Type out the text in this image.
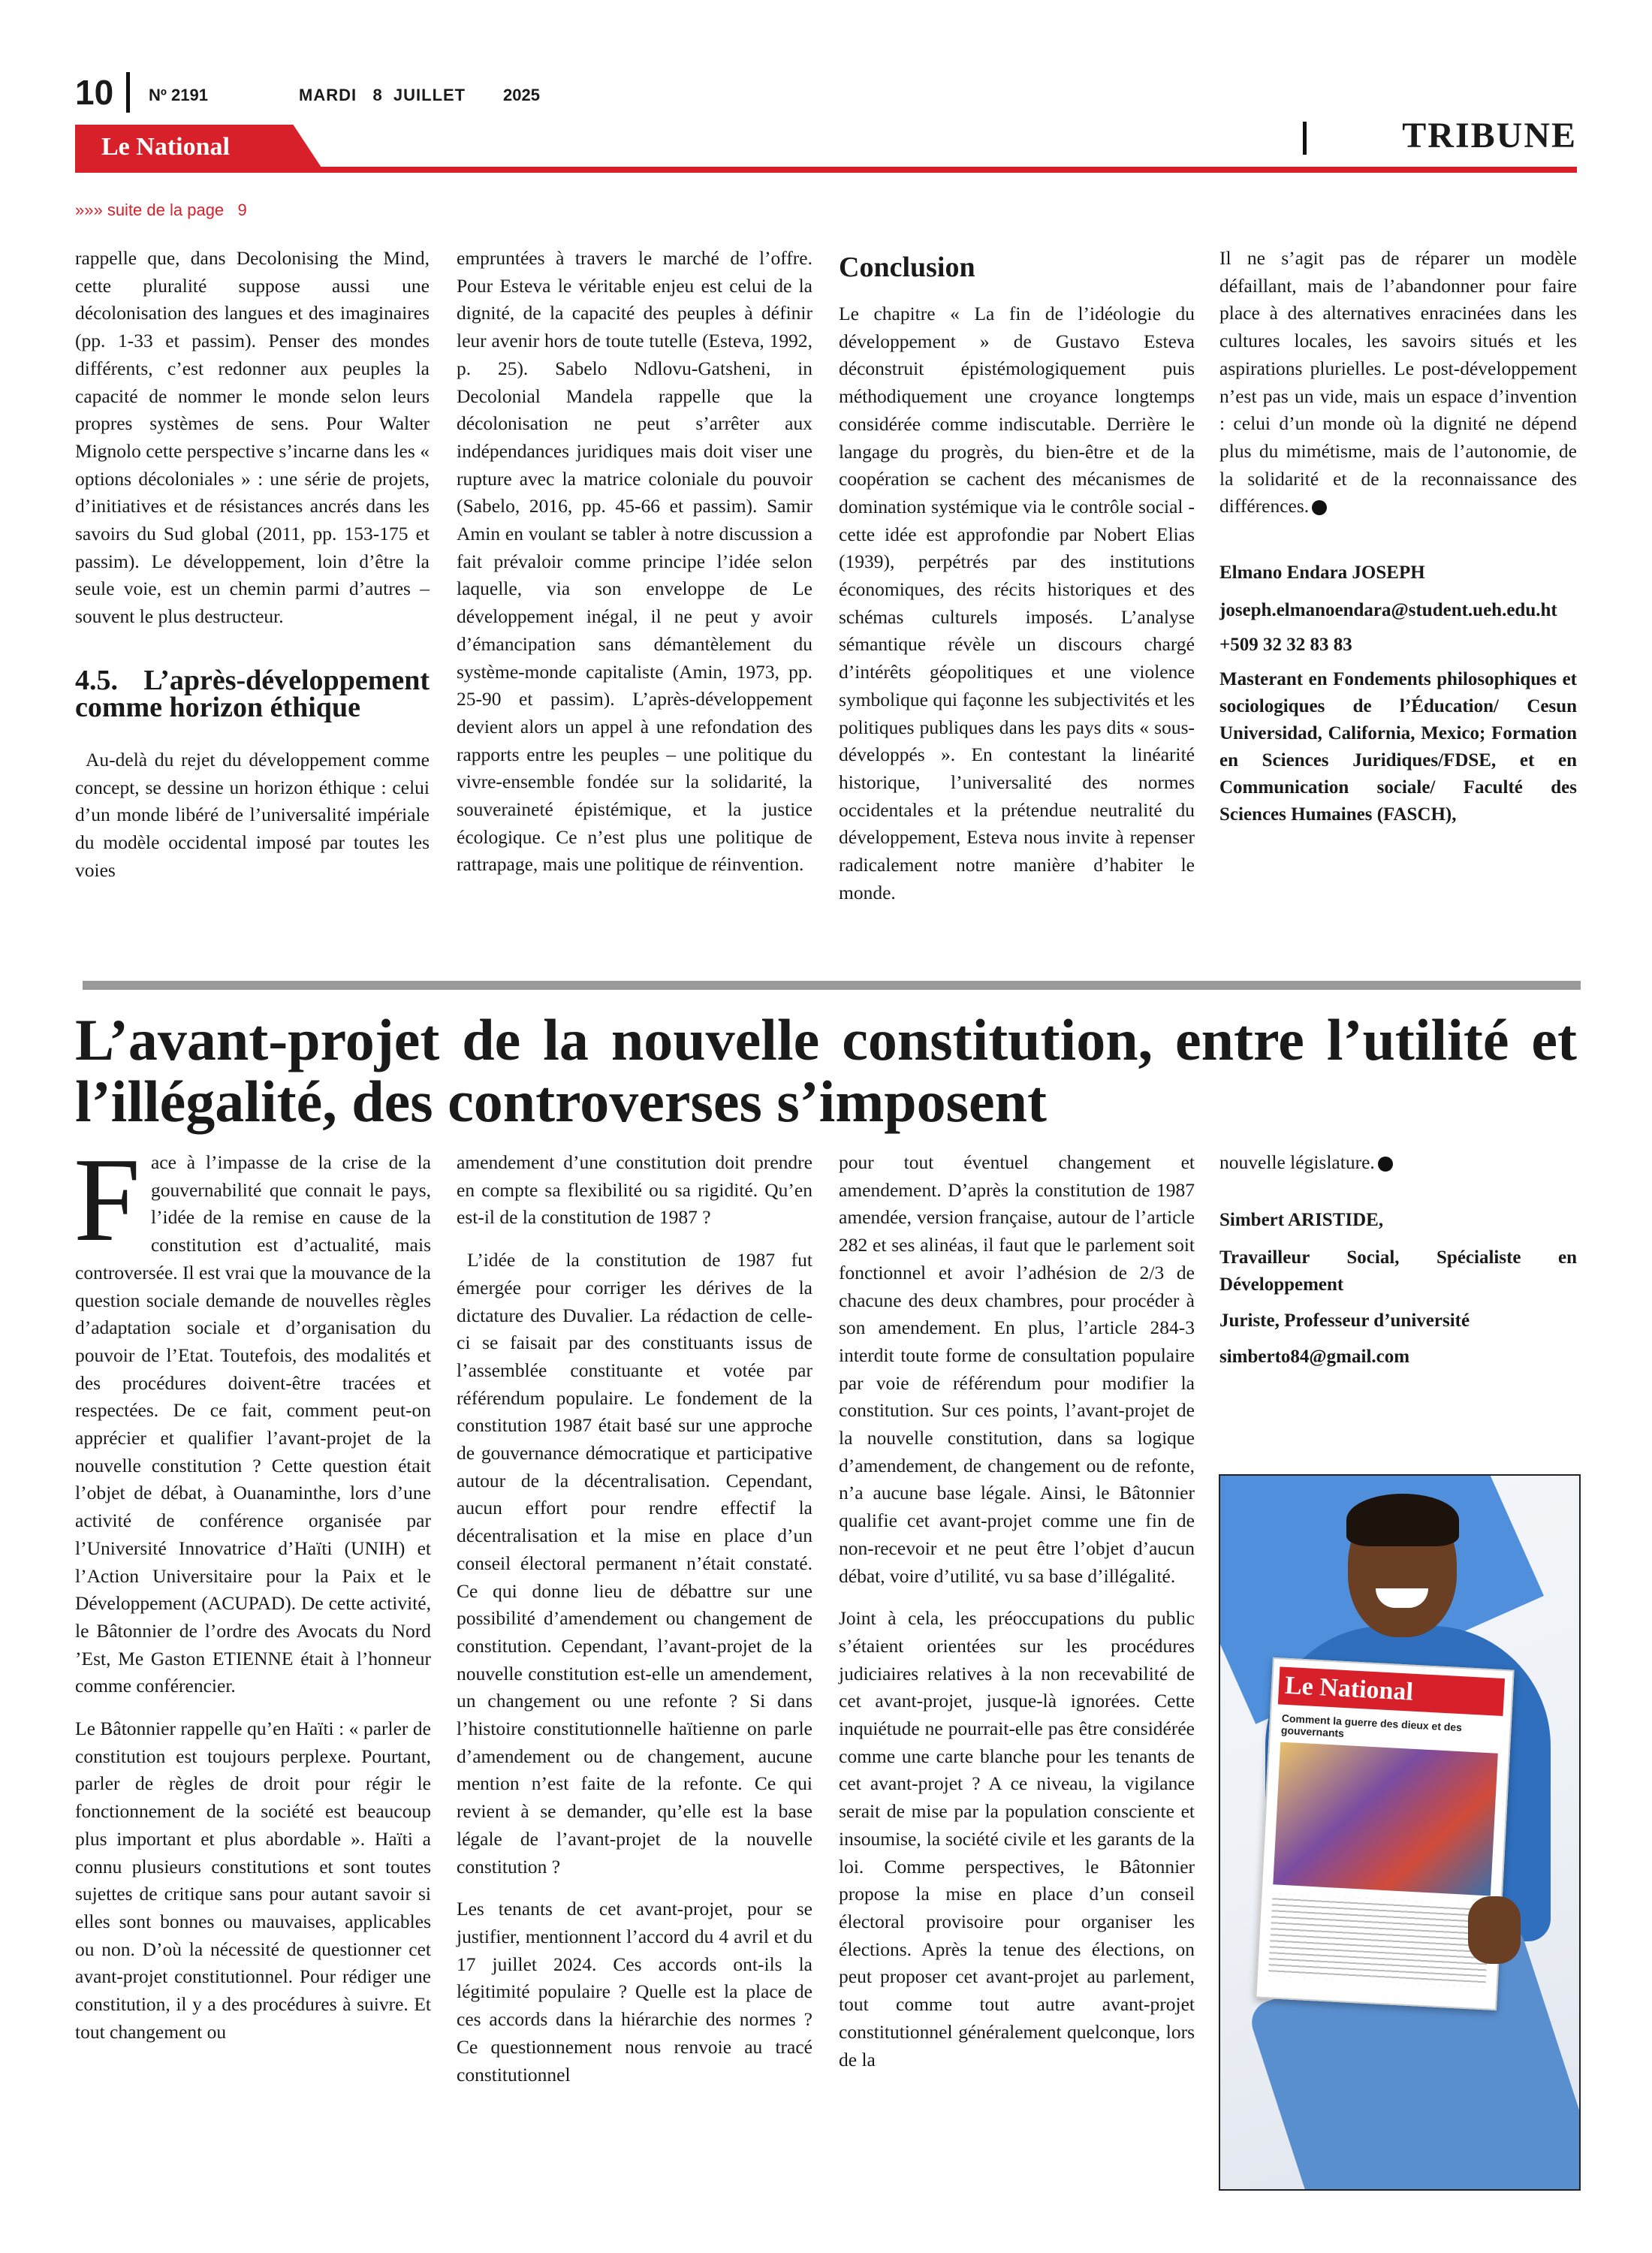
10 Nº 2191	MARDI   8  JUILLET 2025
Le National	TRIBUNE
»»» suite de la page   9

rappelle que, dans Decolonising the Mind, cette pluralité suppose aussi une décolonisation des langues et des imaginaires (pp. 1-33 et passim). Penser des mondes différents, c’est redonner aux peuples la capacité de nommer le monde selon leurs propres systèmes de sens. Pour Walter Mignolo cette perspective s’incarne dans les « options décoloniales » : une série de projets, d’initiatives et de résistances ancrés dans les savoirs du Sud global (2011, pp. 153-175 et passim). Le développement, loin d’être la seule voie, est un chemin parmi d’autres – souvent le plus destructeur.

4.5. L’après-développement comme horizon éthique

Au-delà du rejet du développement comme concept, se dessine un horizon éthique : celui d’un monde libéré de l’universalité impériale du modèle occidental imposé par toutes les voies

empruntées à travers le marché de l’offre. Pour Esteva le véritable enjeu est celui de la dignité, de la capacité des peuples à définir leur avenir hors de toute tutelle (Esteva, 1992, p. 25). Sabelo Ndlovu-Gatsheni, in Decolonial Mandela rappelle que la décolonisation ne peut s’arrêter aux indépendances juridiques mais doit viser une rupture avec la matrice coloniale du pouvoir (Sabelo, 2016, pp. 45-66 et passim). Samir Amin en voulant se tabler à notre discussion a fait prévaloir comme principe l’idée selon laquelle, via son enveloppe de Le développement inégal, il ne peut y avoir d’émancipation sans démantèlement du système-monde capitaliste (Amin, 1973, pp. 25-90 et passim). L’après-développement devient alors un appel à une refondation des rapports entre les peuples – une politique du vivre-ensemble fondée sur la solidarité, la souveraineté épistémique, et la justice écologique. Ce n’est plus une politique de rattrapage, mais une politique de réinvention.

Conclusion

Le chapitre « La fin de l’idéologie du développement » de Gustavo Esteva déconstruit épistémologiquement puis méthodiquement une croyance longtemps considérée comme indiscutable. Derrière le langage du progrès, du bien-être et de la coopération se cachent des mécanismes de domination systémique via le contrôle social - cette idée est approfondie par Nobert Elias (1939), perpétrés par des institutions économiques, des récits historiques et des schémas culturels imposés. L’analyse sémantique révèle un discours chargé d’intérêts géopolitiques et une violence symbolique qui façonne les subjectivités et les politiques publiques dans les pays dits « sous-développés ». En contestant la linéarité historique, l’universalité des normes occidentales et la prétendue neutralité du développement, Esteva nous invite à repenser radicalement notre manière d’habiter le monde.

Il ne s’agit pas de réparer un modèle défaillant, mais de l’abandonner pour faire place à des alternatives enracinées dans les cultures locales, les savoirs situés et les aspirations plurielles. Le post-développement n’est pas un vide, mais un espace d’invention : celui d’un monde où la dignité ne dépend plus du mimétisme, mais de l’autonomie, de la solidarité et de la reconnaissance des différences.

Elmano Endara JOSEPH

joseph.elmanoendara@student.ueh.edu.ht

+509 32 32 83 83

Masterant en Fondements philosophiques et sociologiques de l’Éducation/ Cesun Universidad, California, Mexico; Formation en Sciences Juridiques/FDSE, et en Communication sociale/ Faculté des Sciences Humaines (FASCH),

L’avant-projet de la nouvelle constitution, entre l’utilité et l’illégalité, des controverses s’imposent

Face à l’impasse de la crise de la gouvernabilité que connait le pays, l’idée de la remise en cause de la constitution est d’actualité, mais controversée. Il est vrai que la mouvance de la question sociale demande de nouvelles règles d’adaptation sociale et d’organisation du pouvoir de l’Etat. Toutefois, des modalités et des procédures doivent-être tracées et respectées. De ce fait, comment peut-on apprécier et qualifier l’avant-projet de la nouvelle constitution ? Cette question était l’objet de débat, à Ouanaminthe, lors d’une activité de conférence organisée par l’Université Innovatrice d’Haïti (UNIH) et l’Action Universitaire pour la Paix et le Développement (ACUPAD). De cette activité, le Bâtonnier de l’ordre des Avocats du Nord ’Est, Me Gaston ETIENNE était à l’honneur comme conférencier.

Le Bâtonnier rappelle qu’en Haïti : « parler de constitution est toujours perplexe. Pourtant, parler de règles de droit pour régir le fonctionnement de la société est beaucoup plus important et plus abordable ». Haïti a connu plusieurs constitutions et sont toutes sujettes de critique sans pour autant savoir si elles sont bonnes ou mauvaises, applicables ou non. D’où la nécessité de questionner cet avant-projet constitutionnel. Pour rédiger une constitution, il y a des procédures à suivre. Et tout changement ou

amendement d’une constitution doit prendre en compte sa flexibilité ou sa rigidité. Qu’en est-il de la constitution de 1987 ?

L’idée de la constitution de 1987 fut émergée pour corriger les dérives de la dictature des Duvalier. La rédaction de celle-ci se faisait par des constituants issus de l’assemblée constituante et votée par référendum populaire. Le fondement de la constitution 1987 était basé sur une approche de gouvernance démocratique et participative autour de la décentralisation. Cependant, aucun effort pour rendre effectif la décentralisation et la mise en place d’un conseil électoral permanent n’était constaté. Ce qui donne lieu de débattre sur une possibilité d’amendement ou changement de constitution. Cependant, l’avant-projet de la nouvelle constitution est-elle un amendement, un changement ou une refonte ? Si dans l’histoire constitutionnelle haïtienne on parle d’amendement ou de changement, aucune mention n’est faite de la refonte. Ce qui revient à se demander, qu’elle est la base légale de l’avant-projet de la nouvelle constitution ?

Les tenants de cet avant-projet, pour se justifier, mentionnent l’accord du 4 avril et du 17 juillet 2024. Ces accords ont-ils la légitimité populaire ? Quelle est la place de ces accords dans la hiérarchie des normes ? Ce questionnement nous renvoie au tracé constitutionnel

pour tout éventuel changement et amendement. D’après la constitution de 1987 amendée, version française, autour de l’article 282 et ses alinéas, il faut que le parlement soit fonctionnel et avoir l’adhésion de 2/3 de chacune des deux chambres, pour procéder à son amendement. En plus, l’article 284-3 interdit toute forme de consultation populaire par voie de référendum pour modifier la constitution. Sur ces points, l’avant-projet de la nouvelle constitution, dans sa logique d’amendement, de changement ou de refonte, n’a aucune base légale. Ainsi, le Bâtonnier qualifie cet avant-projet comme une fin de non-recevoir et ne peut être l’objet d’aucun débat, voire d’utilité, vu sa base d’illégalité.

Joint à cela, les préoccupations du public s’étaient orientées sur les procédures judiciaires relatives à la non recevabilité de cet avant-projet, jusque-là ignorées. Cette inquiétude ne pourrait-elle pas être considérée comme une carte blanche pour les tenants de cet avant-projet ? A ce niveau, la vigilance serait de mise par la population consciente et insoumise, la société civile et les garants de la loi. Comme perspectives, le Bâtonnier propose la mise en place d’un conseil électoral provisoire pour organiser les élections. Après la tenue des élections, on peut proposer cet avant-projet au parlement, tout comme tout autre avant-projet constitutionnel généralement quelconque, lors de la

nouvelle législature.

Simbert ARISTIDE,

Travailleur Social, Spécialiste en Développement

Juriste, Professeur d’université

simberto84@gmail.com

Le National
Comment la guerre des dieux et des gouvernants
